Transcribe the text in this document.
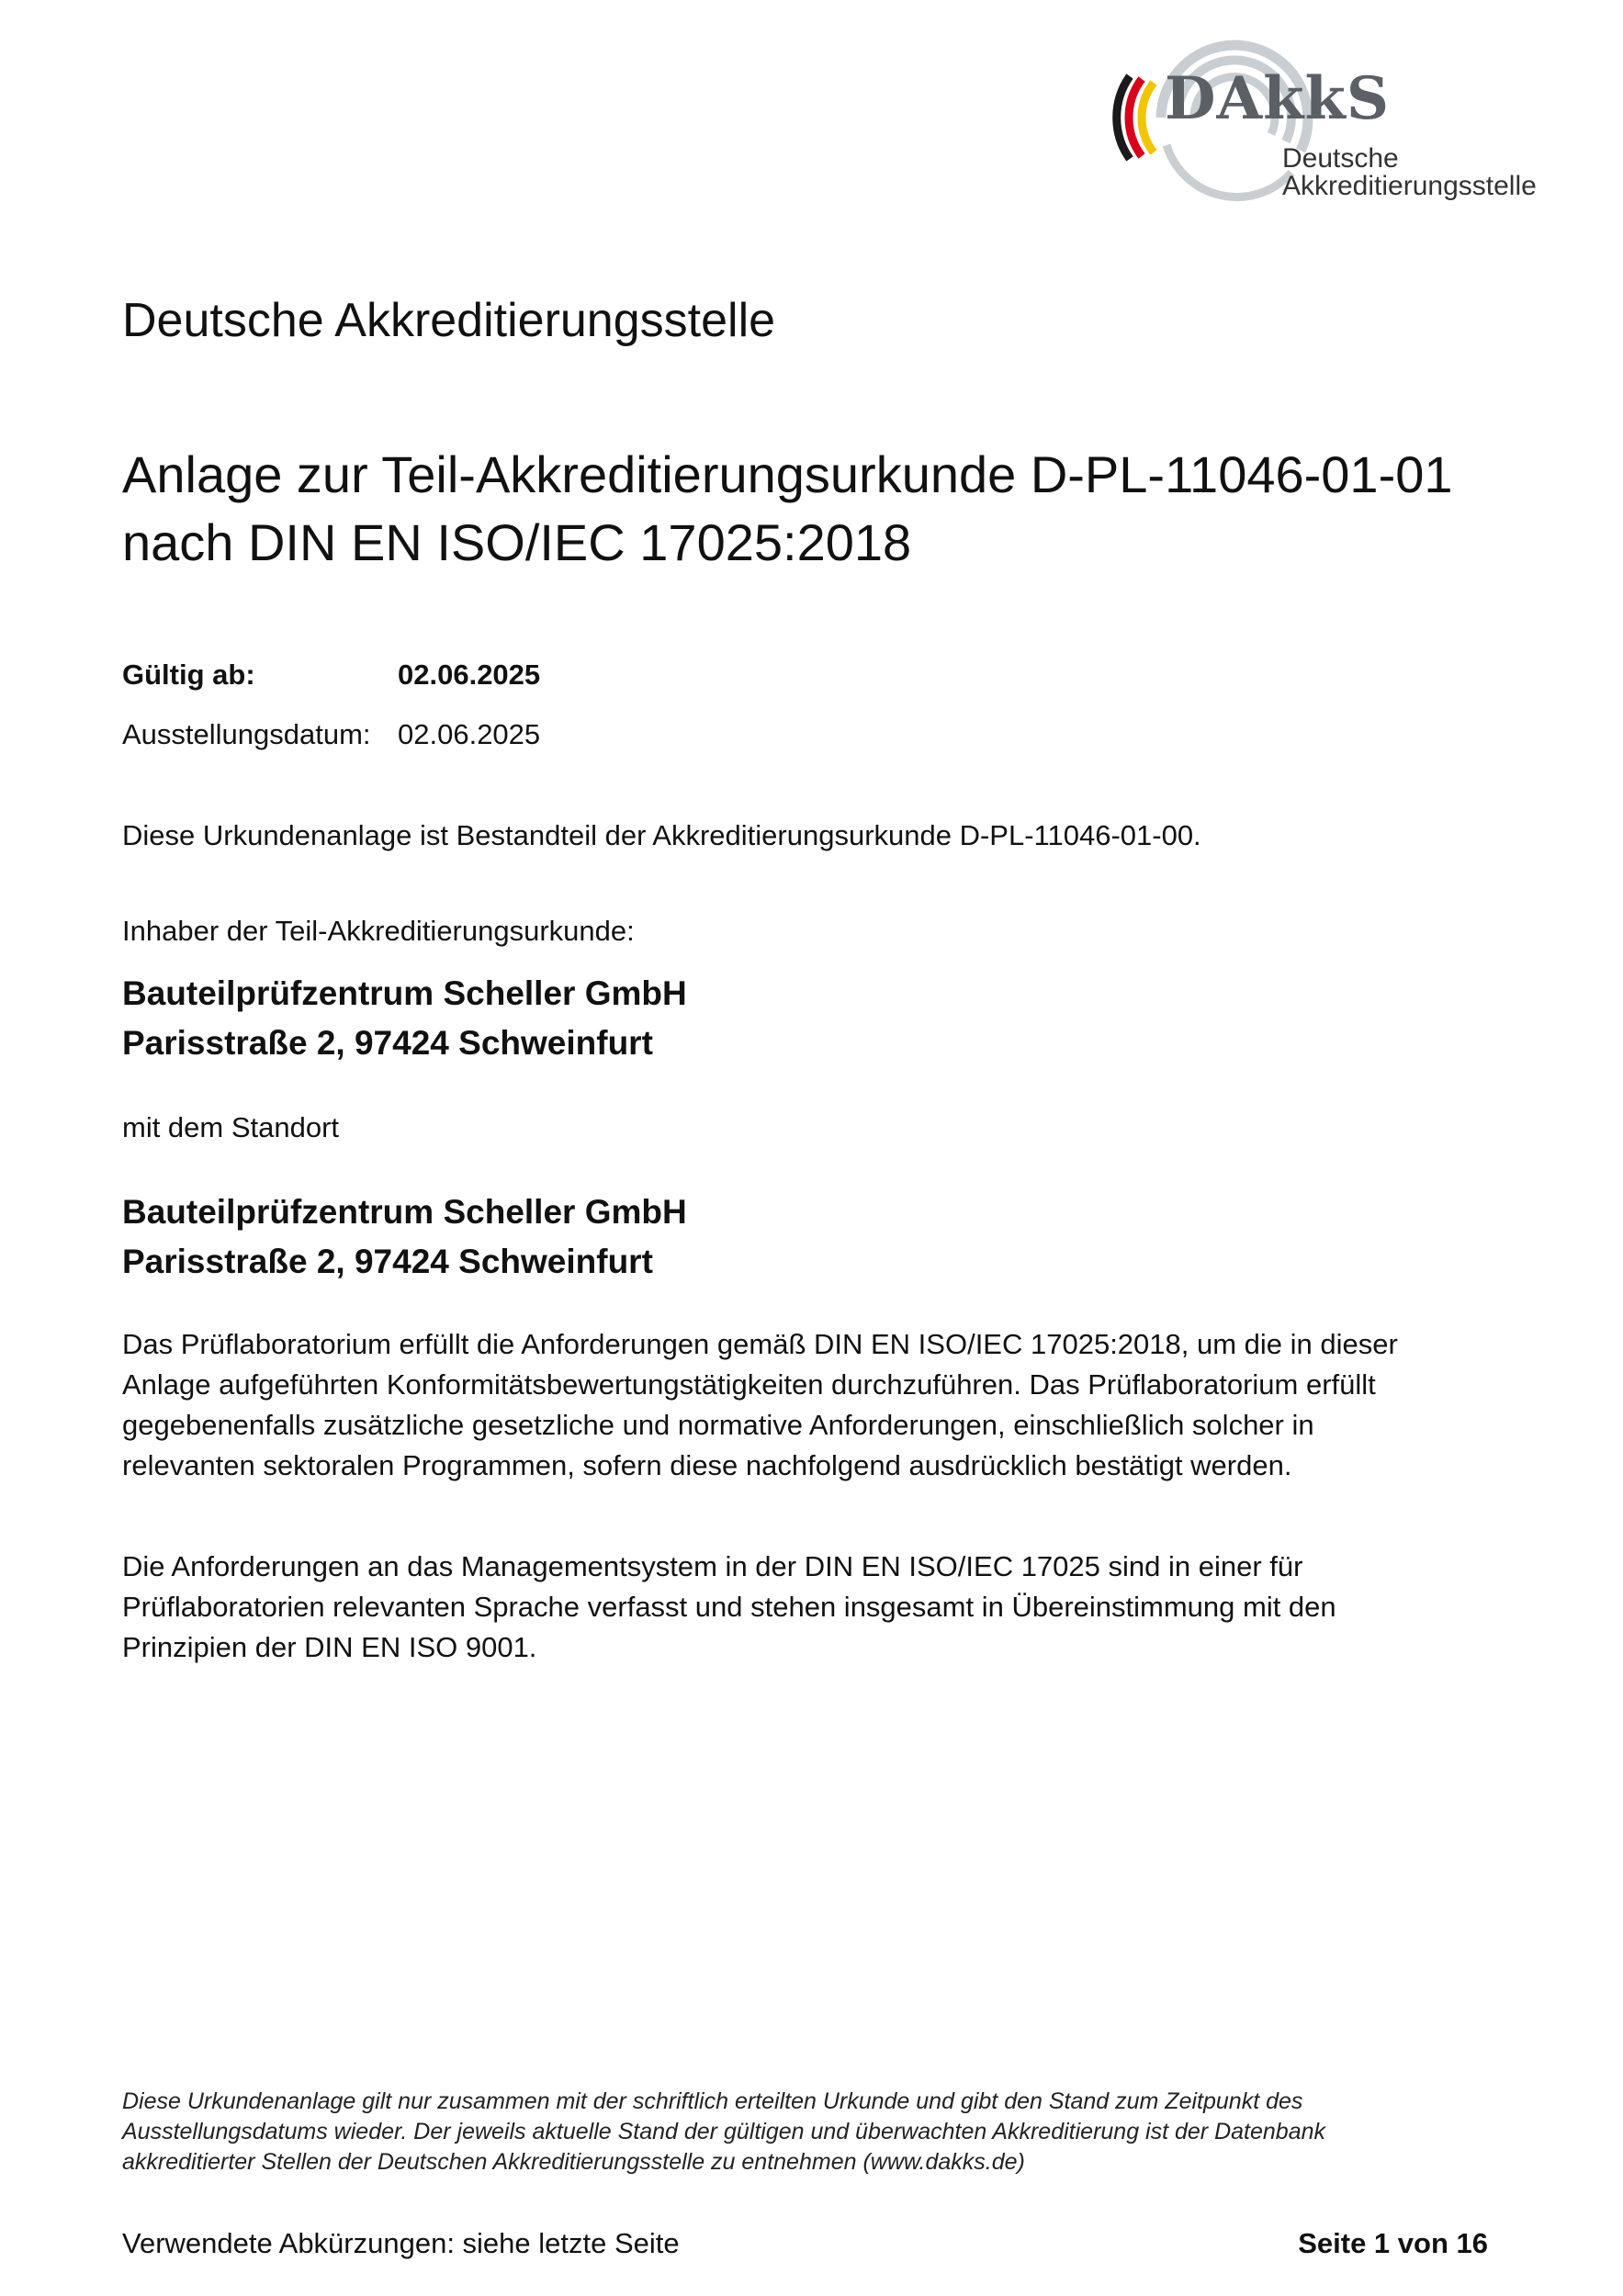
DAkkS
Deutsche
Akkreditierungsstelle
Deutsche Akkreditierungsstelle
Anlage zur Teil-Akkreditierungsurkunde D-PL-11046-01-01
nach DIN EN ISO/IEC 17025:2018
Gültig ab:	02.06.2025
Ausstellungsdatum: 02.06.2025
Diese Urkundenanlage ist Bestandteil der Akkreditierungsurkunde D-PL-11046-01-00.
Inhaber der Teil-Akkreditierungsurkunde:
Bauteilprüfzentrum Scheller GmbH
Parisstraße 2, 97424 Schweinfurt
mit dem Standort
Bauteilprüfzentrum Scheller GmbH
Parisstraße 2, 97424 Schweinfurt
Das Prüflaboratorium erfüllt die Anforderungen gemäß DIN EN ISO/IEC 17025:2018, um die in dieser
Anlage aufgeführten Konformitätsbewertungstätigkeiten durchzuführen. Das Prüflaboratorium erfüllt
gegebenenfalls zusätzliche gesetzliche und normative Anforderungen, einschließlich solcher in
relevanten sektoralen Programmen, sofern diese nachfolgend ausdrücklich bestätigt werden.
Die Anforderungen an das Managementsystem in der DIN EN ISO/IEC 17025 sind in einer für
Prüflaboratorien relevanten Sprache verfasst und stehen insgesamt in Übereinstimmung mit den
Prinzipien der DIN EN ISO 9001.
Diese Urkundenanlage gilt nur zusammen mit der schriftlich erteilten Urkunde und gibt den Stand zum Zeitpunkt des
Ausstellungsdatums wieder. Der jeweils aktuelle Stand der gültigen und überwachten Akkreditierung ist der Datenbank
akkreditierter Stellen der Deutschen Akkreditierungsstelle zu entnehmen (www.dakks.de)
Verwendete Abkürzungen: siehe letzte Seite	Seite 1 von 16
